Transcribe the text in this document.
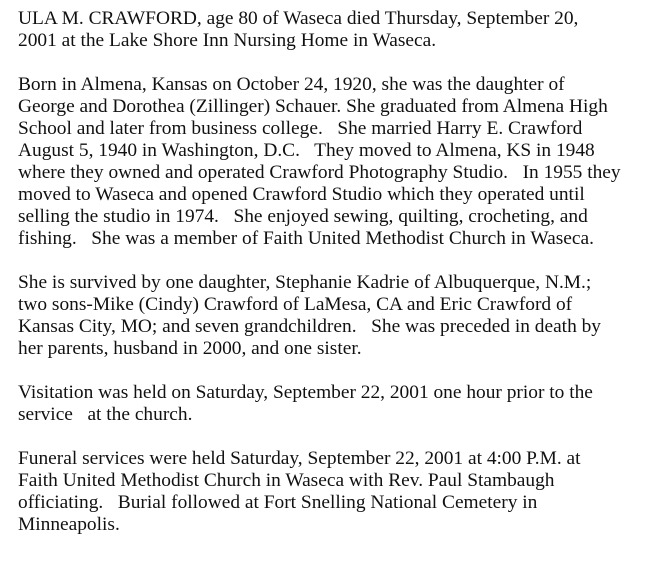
ULA M. CRAWFORD, age 80 of Waseca died Thursday, September 20,
2001 at the Lake Shore Inn Nursing Home in Waseca.

Born in Almena, Kansas on October 24, 1920, she was the daughter of
George and Dorothea (Zillinger) Schauer. She graduated from Almena High
School and later from business college.   She married Harry E. Crawford
August 5, 1940 in Washington, D.C.   They moved to Almena, KS in 1948
where they owned and operated Crawford Photography Studio.   In 1955 they
moved to Waseca and opened Crawford Studio which they operated until
selling the studio in 1974.   She enjoyed sewing, quilting, crocheting, and
fishing.   She was a member of Faith United Methodist Church in Waseca.

She is survived by one daughter, Stephanie Kadrie of Albuquerque, N.M.;
two sons-Mike (Cindy) Crawford of LaMesa, CA and Eric Crawford of
Kansas City, MO; and seven grandchildren.   She was preceded in death by
her parents, husband in 2000, and one sister.

Visitation was held on Saturday, September 22, 2001 one hour prior to the
service   at the church.

Funeral services were held Saturday, September 22, 2001 at 4:00 P.M. at
Faith United Methodist Church in Waseca with Rev. Paul Stambaugh
officiating.   Burial followed at Fort Snelling National Cemetery in
Minneapolis.
